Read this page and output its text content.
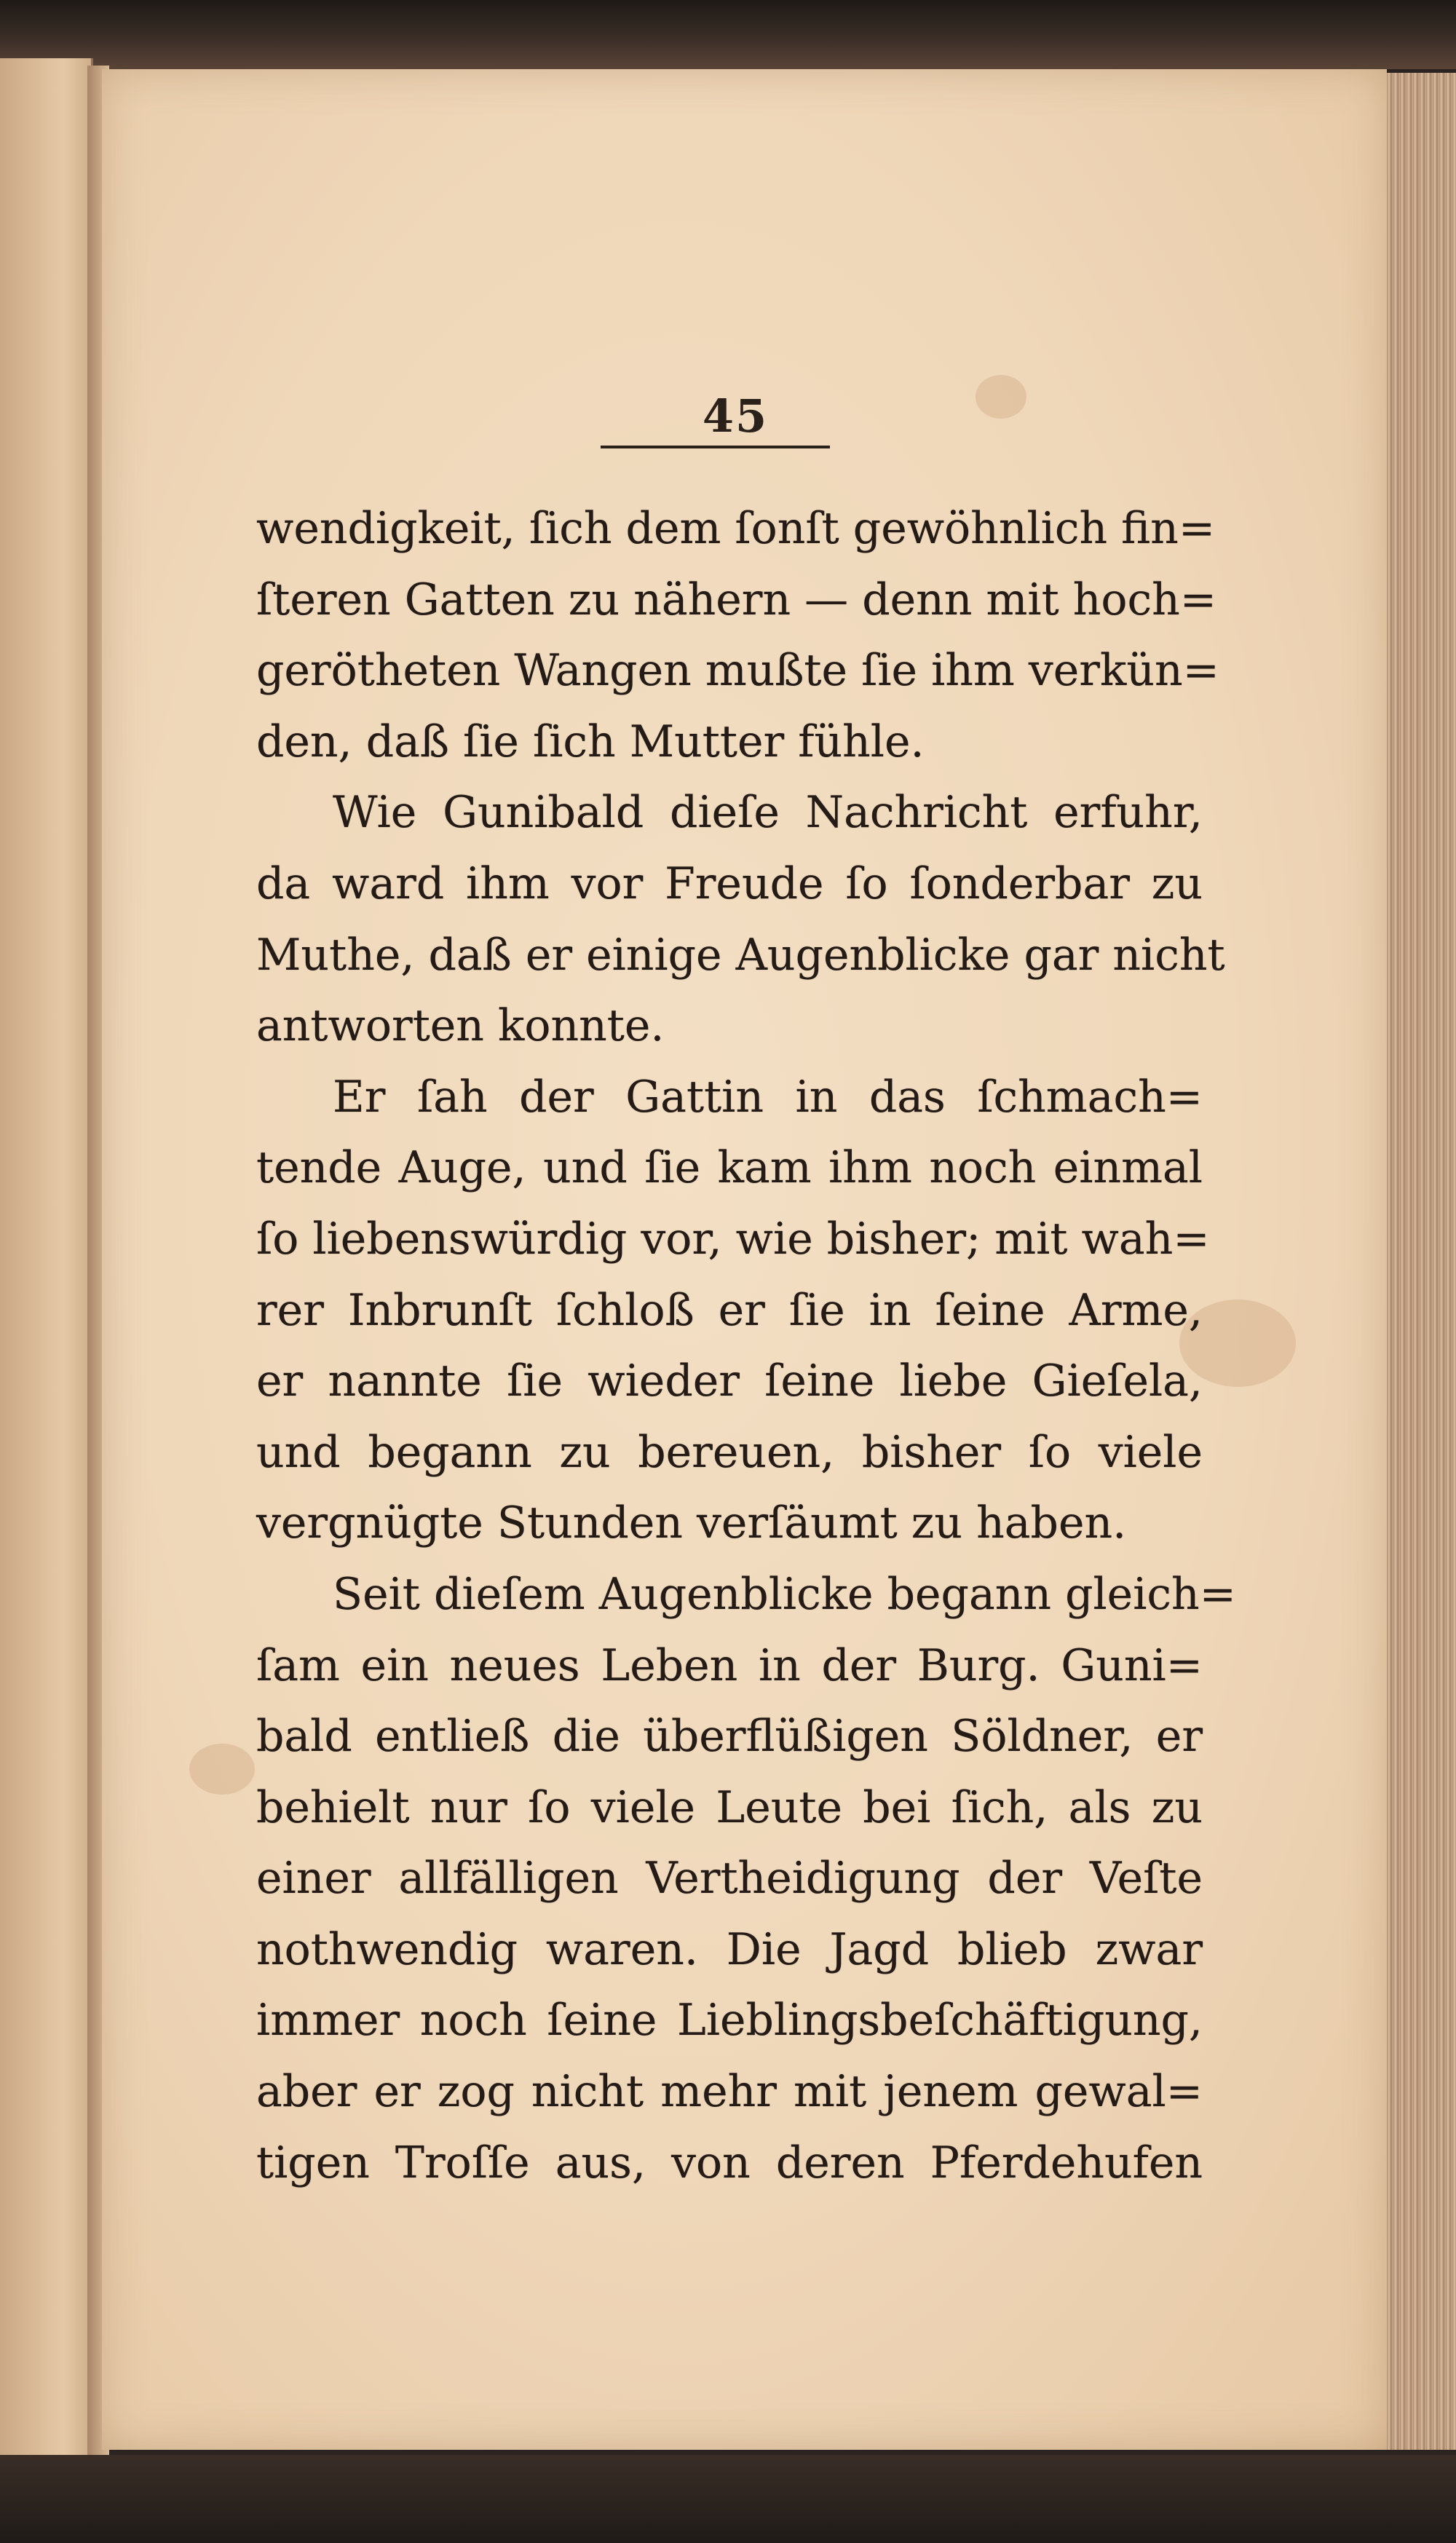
45
wendigkeit, ſich dem ſonſt gewöhnlich fin=
ſteren Gatten zu nähern — denn mit hoch=
gerötheten Wangen mußte ſie ihm verkün=
den, daß ſie ſich Mutter fühle.
Wie Gunibald dieſe Nachricht erfuhr,
da ward ihm vor Freude ſo ſonderbar zu
Muthe, daß er einige Augenblicke gar nicht
antworten konnte.
Er ſah der Gattin in das ſchmach=
tende Auge, und ſie kam ihm noch einmal
ſo liebenswürdig vor, wie bisher; mit wah=
rer Inbrunſt ſchloß er ſie in ſeine Arme,
er nannte ſie wieder ſeine liebe Gieſela,
und begann zu bereuen, bisher ſo viele
vergnügte Stunden verſäumt zu haben.
Seit dieſem Augenblicke begann gleich=
ſam ein neues Leben in der Burg. Guni=
bald entließ die überflüßigen Söldner, er
behielt nur ſo viele Leute bei ſich, als zu
einer allfälligen Vertheidigung der Veſte
nothwendig waren. Die Jagd blieb zwar
immer noch ſeine Lieblingsbeſchäftigung,
aber er zog nicht mehr mit jenem gewal=
tigen Troſſe aus, von deren Pferdehufen
